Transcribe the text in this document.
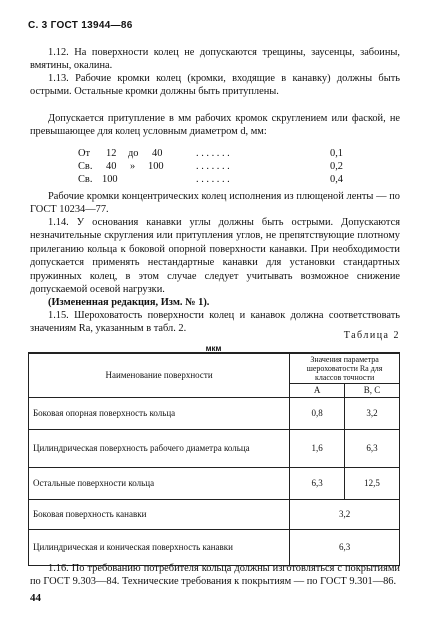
С. 3 ГОСТ 13944—86

1.12. На поверхности колец не допускаются трещины, заусенцы, забоины, вмятины, окалина.

1.13. Рабочие кромки колец (кромки, входящие в канавку) должны быть острыми. Остальные кромки должны быть притуплены.

Допускается притупление в мм рабочих кромок скруглением или фаской, не превышающее для колец условным диаметром d, мм:

От 12 до 40	. . . . . . .	0,1
Св. 40 » 100	. . . . . . .	0,2
Св. 100	. . . . . . .	0,4

Рабочие кромки концентрических колец исполнения из плющеной ленты — по ГОСТ 10234—77.

1.14. У основания канавки углы должны быть острыми. Допускаются незначительные скругления или притупления углов, не препятствующие плотному прилеганию кольца к боковой опорной поверхности канавки. При необходимости допускается применять нестандартные канавки для установки стандартных пружинных колец, в этом случае следует учитывать возможное снижение допускаемой осевой нагрузки.

(Измененная редакция, Изм. № 1).

1.15. Шероховатость поверхности колец и канавок должна соответствовать значениям Ra, указанным в табл. 2.

Таблица 2
мкм
Наименование поверхности	Значения параметра шероховатости Ra для классов точности	
	А	В, С
Боковая опорная поверхность кольца	0,8	3,2
Цилиндрическая поверхность рабочего диаметра кольца	1,6	6,3
Остальные поверхности кольца	6,3	12,5
Боковая поверхность канавки	3,2	
Цилиндрическая и коническая поверхность канавки	6,3	

1.16. По требованию потребителя кольца должны изготовляться с покрытиями по ГОСТ 9.303—84. Технические требования к покрытиям — по ГОСТ 9.301—86.

44
